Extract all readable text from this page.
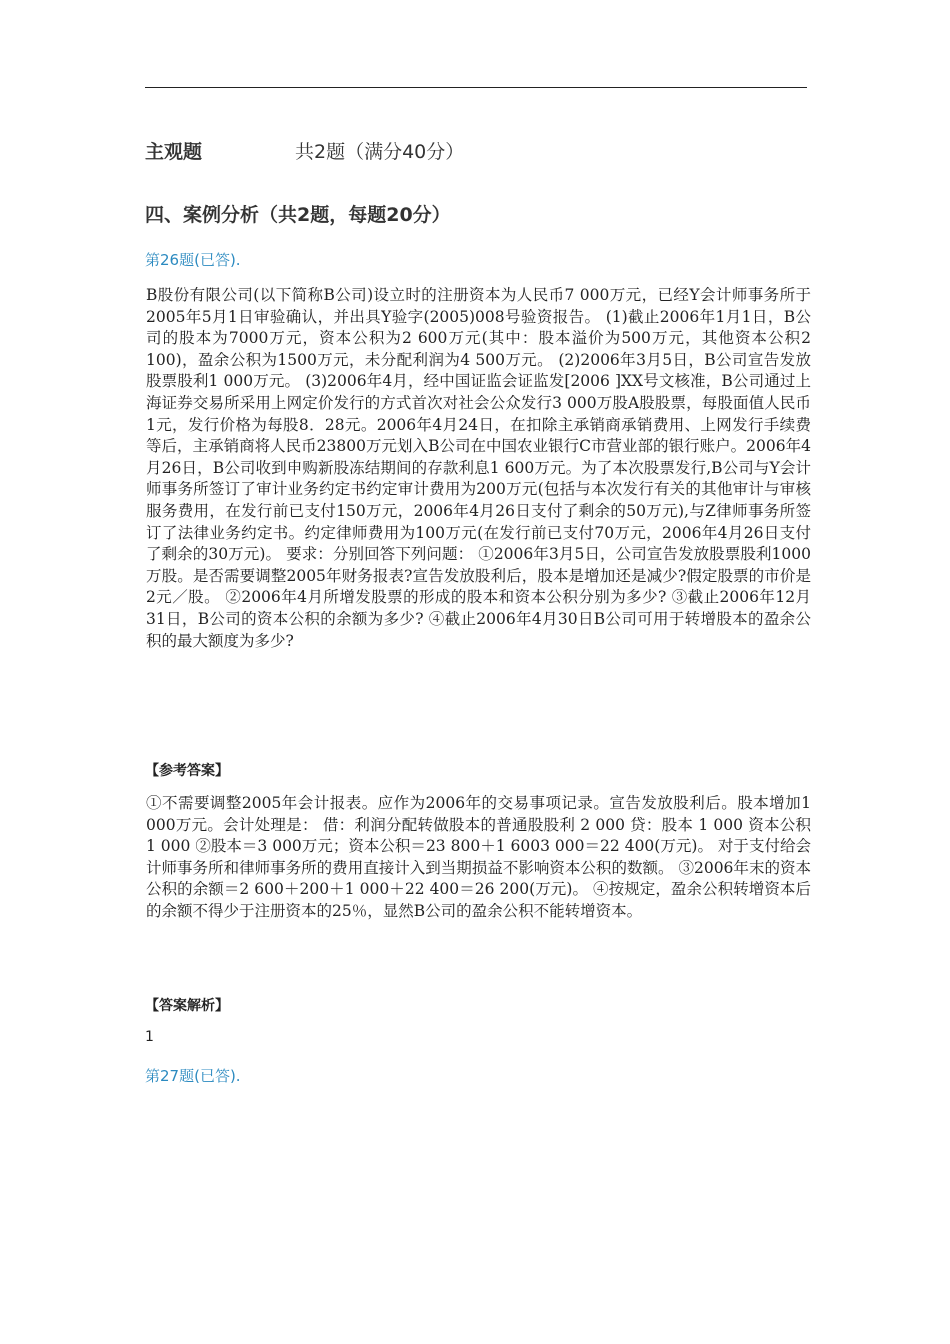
主观题	共2题（满分40分）
四、案例分析（共2题，每题20分）
第26题(已答).
B股份有限公司(以下简称B公司)设立时的注册资本为人民币7 000万元，已经Y会计师事务所于2005年5月1日审验确认，并出具Y验字(2005)008号验资报告。 (1)截止2006年1月1日，B公司的股本为7000万元，资本公积为2 600万元(其中：股本溢价为500万元，其他资本公积2 100)，盈余公积为1500万元，未分配利润为4 500万元。 (2)2006年3月5日，B公司宣告发放股票股利1 000万元。 (3)2006年4月，经中国证监会证监发[2006 ]XX号文核准，B公司通过上海证券交易所采用上网定价发行的方式首次对社会公众发行3 000万股A股股票，每股面值人民币1元，发行价格为每股8．28元。2006年4月24日，在扣除主承销商承销费用、上网发行手续费等后，主承销商将人民币23800万元划入B公司在中国农业银行C市营业部的银行账户。2006年4月26日，B公司收到申购新股冻结期间的存款利息1 600万元。为了本次股票发行,B公司与Y会计师事务所签订了审计业务约定书约定审计费用为200万元(包括与本次发行有关的其他审计与审核服务费用，在发行前已支付150万元，2006年4月26日支付了剩余的50万元),与Z律师事务所签订了法律业务约定书。约定律师费用为100万元(在发行前已支付70万元，2006年4月26日支付了剩余的30万元)。 要求：分别回答下列问题： ①2006年3月5日，公司宣告发放股票股利1000万股。是否需要调整2005年财务报表?宣告发放股利后，股本是增加还是减少?假定股票的市价是2元／股。 ②2006年4月所增发股票的形成的股本和资本公积分别为多少? ③截止2006年12月31日，B公司的资本公积的余额为多少? ④截止2006年4月30日B公司可用于转增股本的盈余公积的最大额度为多少?
【参考答案】
①不需要调整2005年会计报表。应作为2006年的交易事项记录。宣告发放股利后。股本增加1 000万元。会计处理是： 借：利润分配转做股本的普通股股利 2 000 贷：股本 1 000 资本公积 1 000 ②股本＝3 000万元；资本公积＝23 800＋1 6003 000＝22 400(万元)。 对于支付给会计师事务所和律师事务所的费用直接计入到当期损益不影响资本公积的数额。 ③2006年末的资本公积的余额＝2 600＋200＋1 000＋22 400＝26 200(万元)。 ④按规定，盈余公积转增资本后的余额不得少于注册资本的25％，显然B公司的盈余公积不能转增资本。
【答案解析】
1
第27题(已答).
